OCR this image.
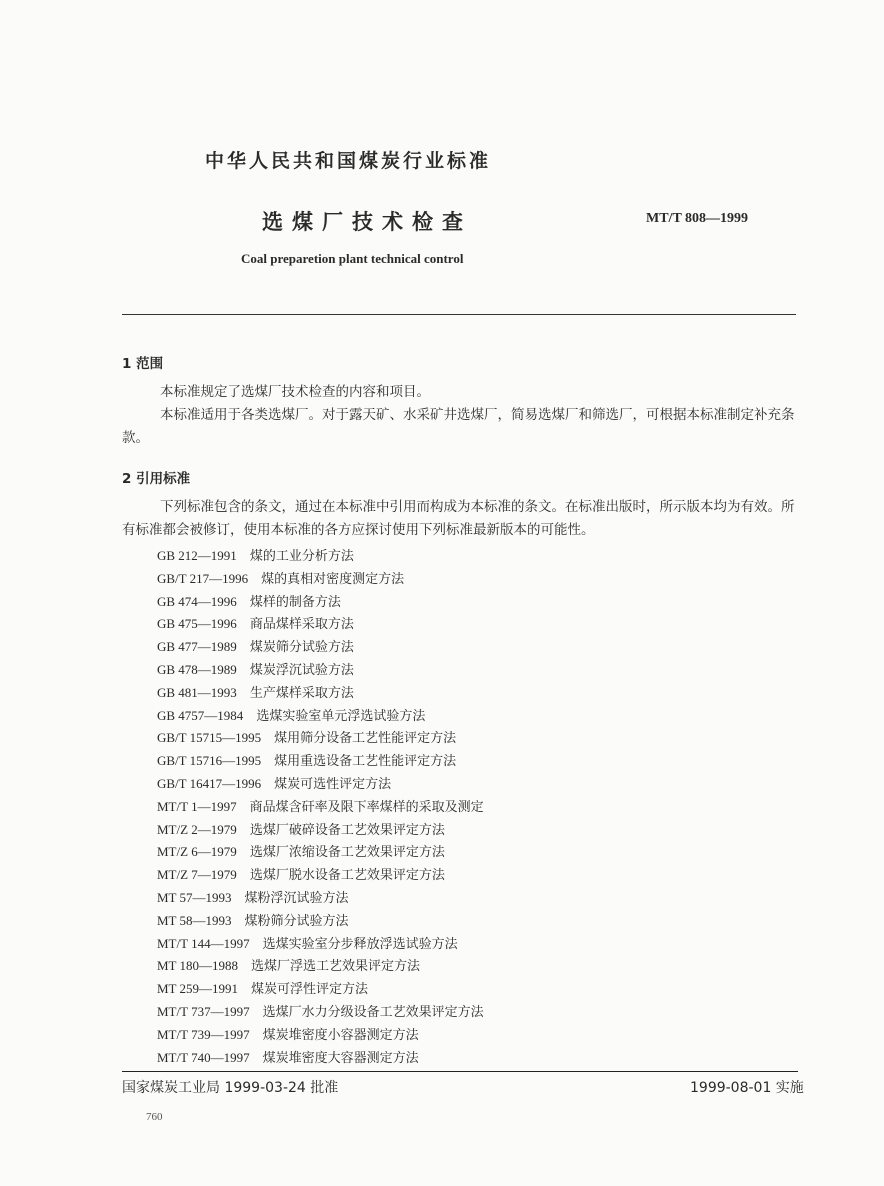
中华人民共和国煤炭行业标准
选煤厂技术检查	MT/T 808—1999
Coal preparetion plant technical control
1 范围
本标准规定了选煤厂技术检查的内容和项目。
本标准适用于各类选煤厂。对于露天矿、水采矿井选煤厂，简易选煤厂和筛选厂，可根据本标准制定补充条款。
2 引用标准
下列标准包含的条文，通过在本标准中引用而构成为本标准的条文。在标准出版时，所示版本均为有效。所有标准都会被修订，使用本标准的各方应探讨使用下列标准最新版本的可能性。
GB 212—1991  煤的工业分析方法
GB/T 217—1996  煤的真相对密度测定方法
GB 474—1996  煤样的制备方法
GB 475—1996  商品煤样采取方法
GB 477—1989  煤炭筛分试验方法
GB 478—1989  煤炭浮沉试验方法
GB 481—1993  生产煤样采取方法
GB 4757—1984  选煤实验室单元浮选试验方法
GB/T 15715—1995  煤用筛分设备工艺性能评定方法
GB/T 15716—1995  煤用重选设备工艺性能评定方法
GB/T 16417—1996  煤炭可选性评定方法
MT/T 1—1997  商品煤含矸率及限下率煤样的采取及测定
MT/Z 2—1979  选煤厂破碎设备工艺效果评定方法
MT/Z 6—1979  选煤厂浓缩设备工艺效果评定方法
MT/Z 7—1979  选煤厂脱水设备工艺效果评定方法
MT 57—1993  煤粉浮沉试验方法
MT 58—1993  煤粉筛分试验方法
MT/T 144—1997  选煤实验室分步释放浮选试验方法
MT 180—1988  选煤厂浮选工艺效果评定方法
MT 259—1991  煤炭可浮性评定方法
MT/T 737—1997  选煤厂水力分级设备工艺效果评定方法
MT/T 739—1997  煤炭堆密度小容器测定方法
MT/T 740—1997  煤炭堆密度大容器测定方法
国家煤炭工业局 1999-03-24 批准	1999-08-01 实施
760
